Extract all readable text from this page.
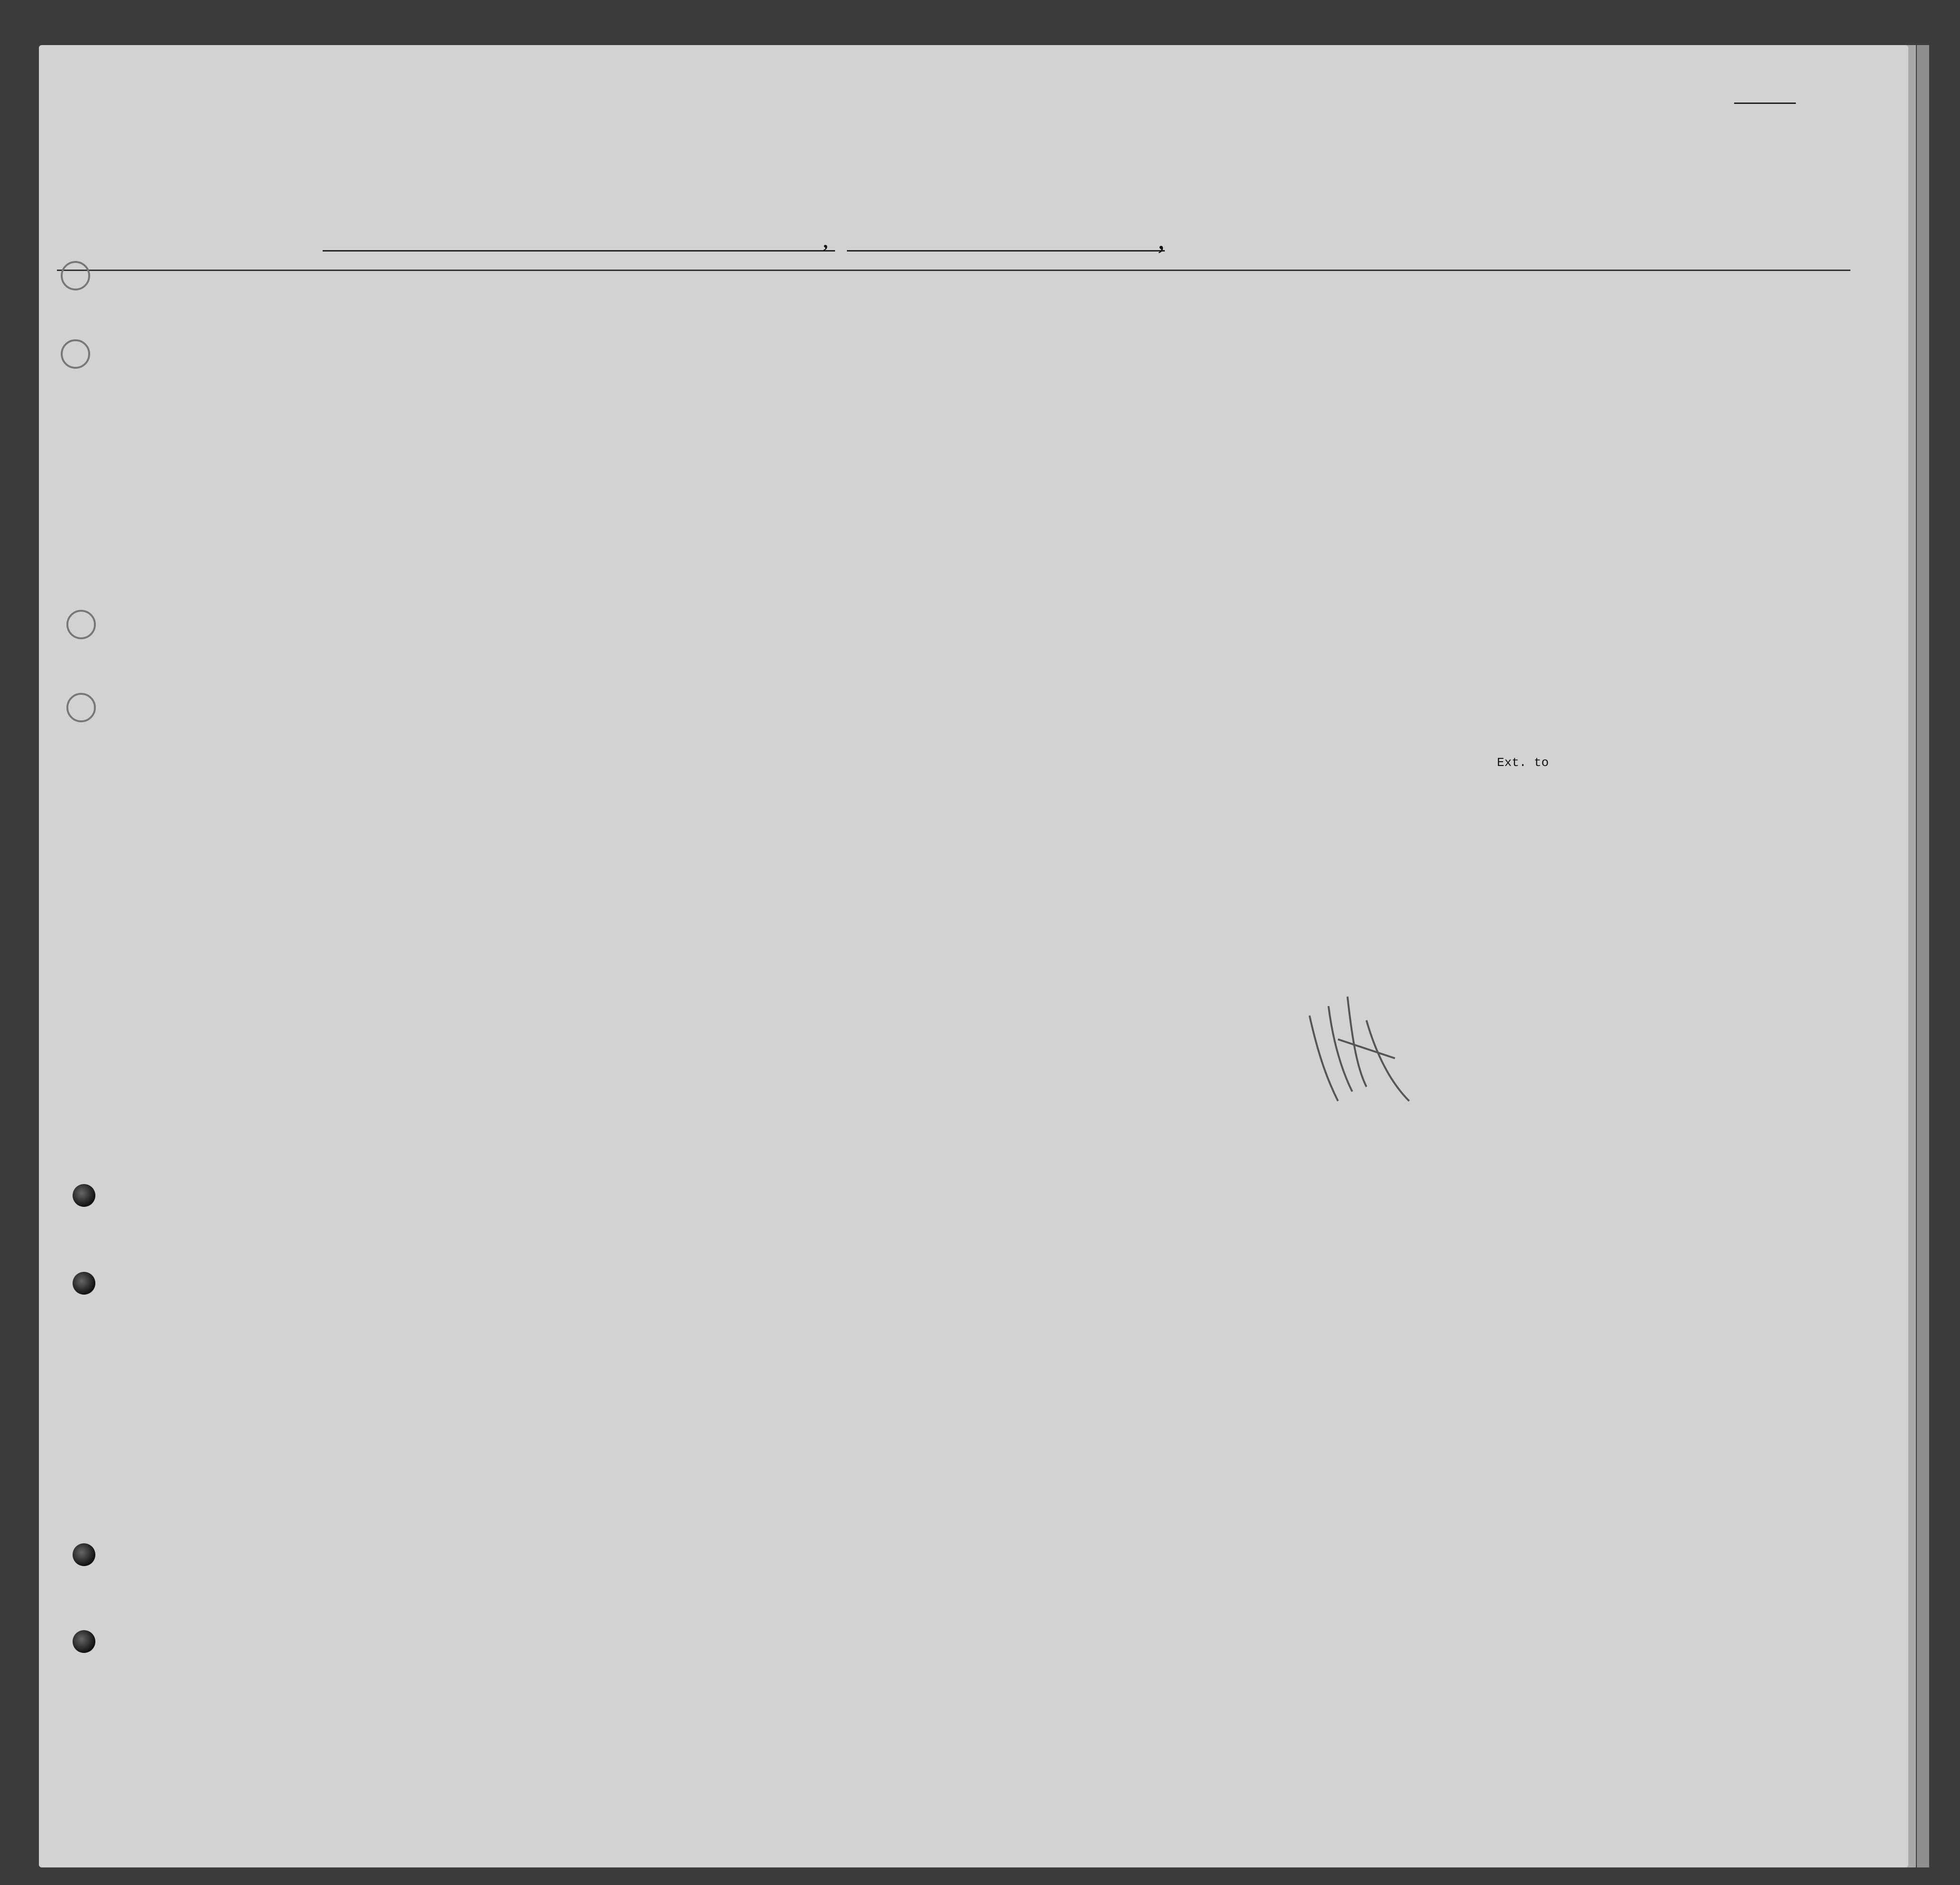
,	,
Ext. to
